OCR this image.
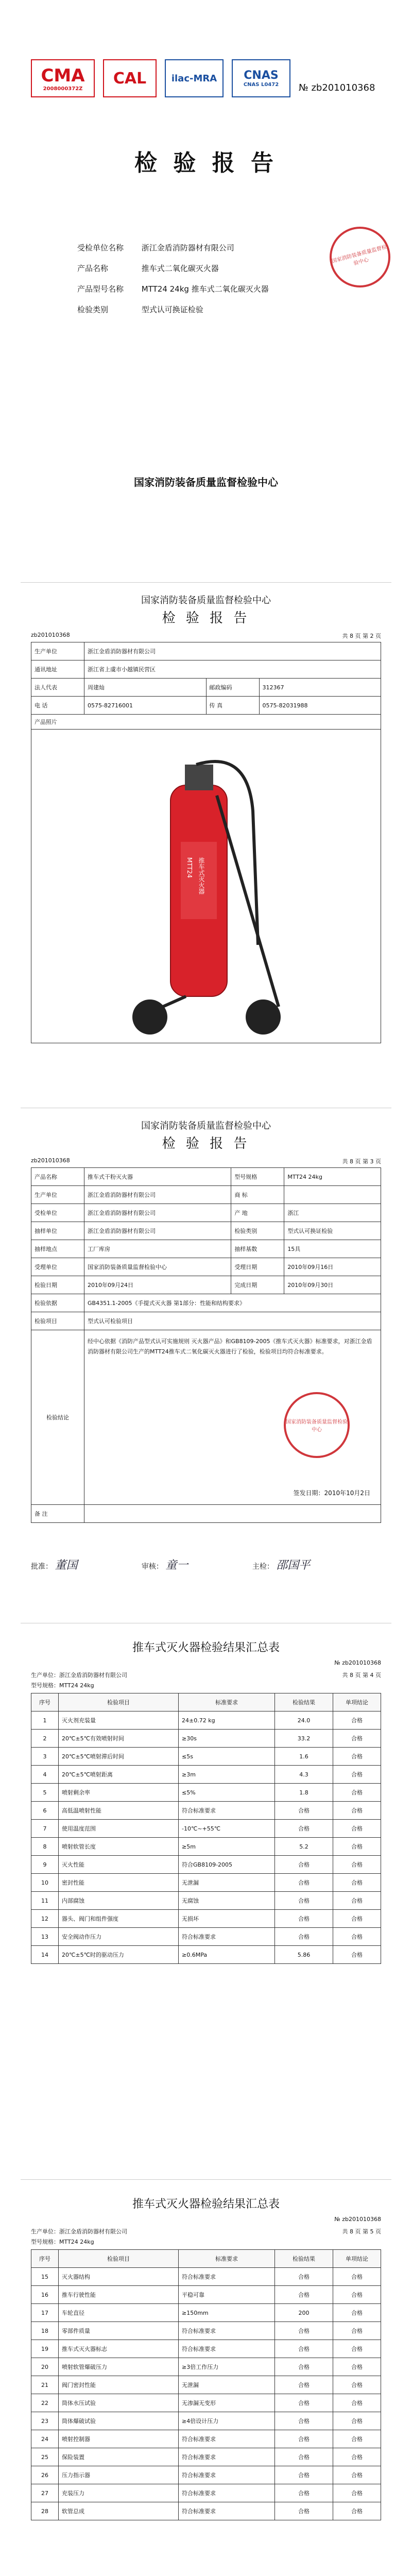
CMA
2008000372Z
CAL	ilac-MRA CNAS
CNAS L0472 № zb201010368
检 验 报 告
受检单位名称 浙江金盾消防器材有限公司
产品名称	推车式二氧化碳灭火器
产品型号名称 MTT24 24kg 推车式二氧化碳灭火器
检验类别	型式认可换证检验
国家消防装备质量监督检验中心
国家消防装备质量监督检验中心
国家消防装备质量监督检验中心
检 验 报 告
zb201010368	共 8 页 第 2 页
生产单位	浙江金盾消防器材有限公司		
通讯地址	浙江省上虞市小越镇民营区		
法人代表	周建灿	邮政编码	312367
电 话	0575-82716001	传 真	0575-82031988
产品照片			
MTT24 推车式灭火器
国家消防装备质量监督检验中心
检 验 报 告
zb201010368	共 8 页 第 3 页
产品名称	推车式干粉灭火器	型号规格	MTT24 24kg
生产单位	浙江金盾消防器材有限公司	商 标	
受检单位	浙江金盾消防器材有限公司	产 地	浙江
抽样单位	浙江金盾消防器材有限公司	检验类别	型式认可换证检验
抽样地点	工厂库房	抽样基数	15具
受理单位	国家消防装备质量监督检验中心	受理日期	2010年09月16日
检验日期	2010年09月24日	完成日期	2010年09月30日
检验依据	GB4351.1-2005《手提式灭火器 第1部分：性能和结构要求》		
检验项目	型式认可检验项目		
检验结论	经中心依据《消防产品型式认可实施规则 灭火器产品》和GB8109-2005《推车式灭火器》标准要求，对浙江金盾消防器材有限公司生产的MTT24推车式二氧化碳灭火器进行了检验，检验项目均符合标准要求。
国家消防装备质量监督检验中心
签发日期：2010年10月2日		

备 注			
批准： 董国	审核： 童一	主检： 邵国平
推车式灭火器检验结果汇总表
№ zb201010368
生产单位：浙江金盾消防器材有限公司	共 8 页 第 4 页
型号规格：MTT24 24kg
序号	检验项目	标准要求	检验结果	单项结论
1	灭火剂充装量	24±0.72 kg	24.0	合格
2	20℃±5℃有效喷射时间	≥30s	33.2	合格
3	20℃±5℃喷射滞后时间	≤5s	1.6	合格
4	20℃±5℃喷射距离	≥3m	4.3	合格
5	喷射剩余率	≤5%	1.8	合格
6	高低温喷射性能	符合标准要求	合格	合格
7	使用温度范围	-10℃~+55℃	合格	合格
8	喷射软管长度	≥5m	5.2	合格
9	灭火性能	符合GB8109-2005	合格	合格
10	密封性能	无泄漏	合格	合格
11	内部腐蚀	无腐蚀	合格	合格
12	器头、阀门和组件强度	无损坏	合格	合格
13	安全阀动作压力	符合标准要求	合格	合格
14	20℃±5℃时的驱动压力	≥0.6MPa	5.86	合格
推车式灭火器检验结果汇总表
№ zb201010368
生产单位：浙江金盾消防器材有限公司	共 8 页 第 5 页
型号规格：MTT24 24kg
序号	检验项目	标准要求	检验结果	单项结论
15	灭火器结构	符合标准要求	合格	合格
16	推车行驶性能	平稳可靠	合格	合格
17	车轮直径	≥150mm	200	合格
18	零部件质量	符合标准要求	合格	合格
19	推车式灭火器标志	符合标准要求	合格	合格
20	喷射软管爆破压力	≥3倍工作压力	合格	合格
21	阀门密封性能	无泄漏	合格	合格
22	筒体水压试验	无渗漏无变形	合格	合格
23	筒体爆破试验	≥4倍设计压力	合格	合格
24	喷射控制器	符合标准要求	合格	合格
25	保险装置	符合标准要求	合格	合格
26	压力指示器	符合标准要求	合格	合格
27	充装压力	符合标准要求	合格	合格
28	软管总成	符合标准要求	合格	合格
